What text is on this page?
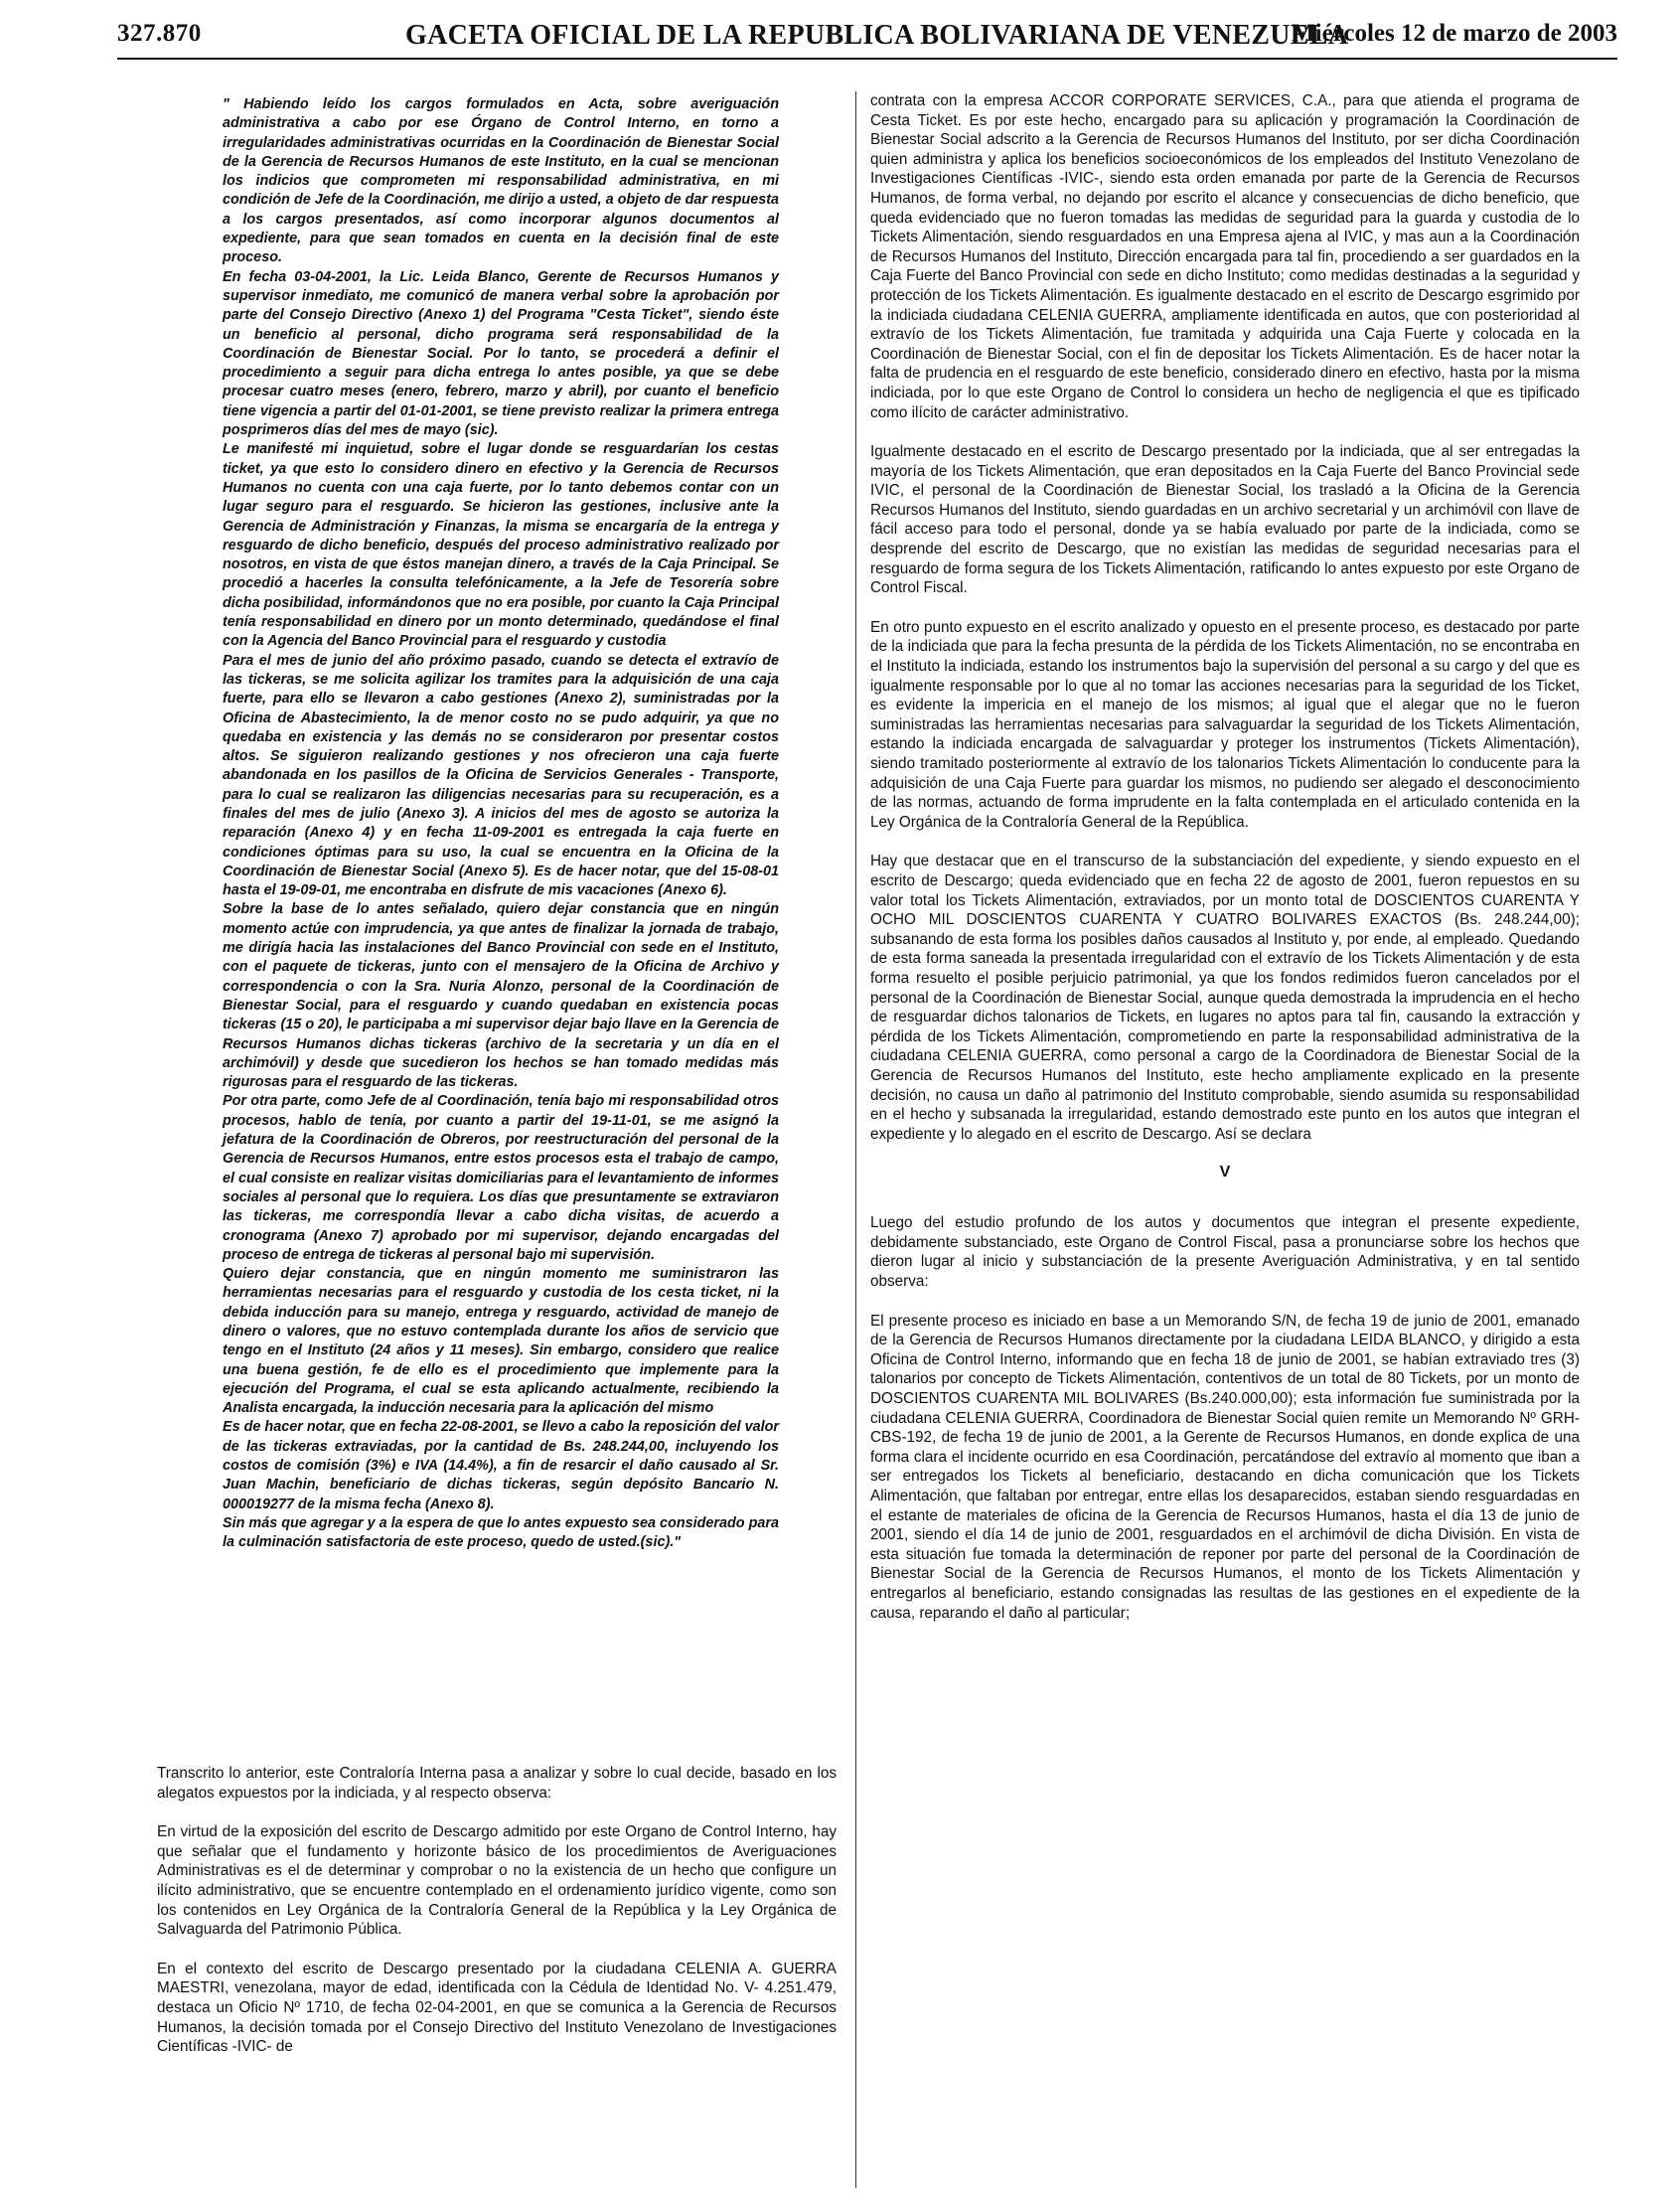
327.870	GACETA OFICIAL DE LA REPUBLICA BOLIVARIANA DE VENEZUELA
Miércoles 12 de marzo de 2003

" Habiendo leído los cargos formulados en Acta, sobre averiguación administrativa a cabo por ese Órgano de Control Interno, en torno a irregularidades administrativas ocurridas en la Coordinación de Bienestar Social de la Gerencia de Recursos Humanos de este Instituto, en la cual se mencionan los indicios que comprometen mi responsabilidad administrativa, en mi condición de Jefe de la Coordinación, me dirijo a usted, a objeto de dar respuesta a los cargos presentados, así como incorporar algunos documentos al expediente, para que sean tomados en cuenta en la decisión final de este proceso.

En fecha 03-04-2001, la Lic. Leida Blanco, Gerente de Recursos Humanos y supervisor inmediato, me comunicó de manera verbal sobre la aprobación por parte del Consejo Directivo (Anexo 1) del Programa "Cesta Ticket", siendo éste un beneficio al personal, dicho programa será responsabilidad de la Coordinación de Bienestar Social. Por lo tanto, se procederá a definir el procedimiento a seguir para dicha entrega lo antes posible, ya que se debe procesar cuatro meses (enero, febrero, marzo y abril), por cuanto el beneficio tiene vigencia a partir del 01-01-2001, se tiene previsto realizar la primera entrega posprimeros días del mes de mayo (sic).

Le manifesté mi inquietud, sobre el lugar donde se resguardarían los cestas ticket, ya que esto lo considero dinero en efectivo y la Gerencia de Recursos Humanos no cuenta con una caja fuerte, por lo tanto debemos contar con un lugar seguro para el resguardo. Se hicieron las gestiones, inclusive ante la Gerencia de Administración y Finanzas, la misma se encargaría de la entrega y resguardo de dicho beneficio, después del proceso administrativo realizado por nosotros, en vista de que éstos manejan dinero, a través de la Caja Principal. Se procedió a hacerles la consulta telefónicamente, a la Jefe de Tesorería sobre dicha posibilidad, informándonos que no era posible, por cuanto la Caja Principal tenía responsabilidad en dinero por un monto determinado, quedándose el final con la Agencia del Banco Provincial para el resguardo y custodia

Para el mes de junio del año próximo pasado, cuando se detecta el extravío de las tickeras, se me solicita agilizar los tramites para la adquisición de una caja fuerte, para ello se llevaron a cabo gestiones (Anexo 2), suministradas por la Oficina de Abastecimiento, la de menor costo no se pudo adquirir, ya que no quedaba en existencia y las demás no se consideraron por presentar costos altos. Se siguieron realizando gestiones y nos ofrecieron una caja fuerte abandonada en los pasillos de la Oficina de Servicios Generales - Transporte, para lo cual se realizaron las diligencias necesarias para su recuperación, es a finales del mes de julio (Anexo 3). A inicios del mes de agosto se autoriza la reparación (Anexo 4) y en fecha 11-09-2001 es entregada la caja fuerte en condiciones óptimas para su uso, la cual se encuentra en la Oficina de la Coordinación de Bienestar Social (Anexo 5). Es de hacer notar, que del 15-08-01 hasta el 19-09-01, me encontraba en disfrute de mis vacaciones (Anexo 6).

Sobre la base de lo antes señalado, quiero dejar constancia que en ningún momento actúe con imprudencia, ya que antes de finalizar la jornada de trabajo, me dirigía hacia las instalaciones del Banco Provincial con sede en el Instituto, con el paquete de tickeras, junto con el mensajero de la Oficina de Archivo y correspondencia o con la Sra. Nuria Alonzo, personal de la Coordinación de Bienestar Social, para el resguardo y cuando quedaban en existencia pocas tickeras (15 o 20), le participaba a mi supervisor dejar bajo llave en la Gerencia de Recursos Humanos dichas tickeras (archivo de la secretaria y un día en el archimóvil) y desde que sucedieron los hechos se han tomado medidas más rigurosas para el resguardo de las tickeras.

Por otra parte, como Jefe de al Coordinación, tenía bajo mi responsabilidad otros procesos, hablo de tenía, por cuanto a partir del 19-11-01, se me asignó la jefatura de la Coordinación de Obreros, por reestructuración del personal de la Gerencia de Recursos Humanos, entre estos procesos esta el trabajo de campo, el cual consiste en realizar visitas domiciliarias para el levantamiento de informes sociales al personal que lo requiera. Los días que presuntamente se extraviaron las tickeras, me correspondía llevar a cabo dicha visitas, de acuerdo a cronograma (Anexo 7) aprobado por mi supervisor, dejando encargadas del proceso de entrega de tickeras al personal bajo mi supervisión.

Quiero dejar constancia, que en ningún momento me suministraron las herramientas necesarias para el resguardo y custodia de los cesta ticket, ni la debida inducción para su manejo, entrega y resguardo, actividad de manejo de dinero o valores, que no estuvo contemplada durante los años de servicio que tengo en el Instituto (24 años y 11 meses). Sin embargo, considero que realice una buena gestión, fe de ello es el procedimiento que implemente para la ejecución del Programa, el cual se esta aplicando actualmente, recibiendo la Analista encargada, la inducción necesaria para la aplicación del mismo

Es de hacer notar, que en fecha 22-08-2001, se llevo a cabo la reposición del valor de las tickeras extraviadas, por la cantidad de Bs. 248.244,00, incluyendo los costos de comisión (3%) e IVA (14.4%), a fin de resarcir el daño causado al Sr. Juan Machin, beneficiario de dichas tickeras, según depósito Bancario N. 000019277 de la misma fecha (Anexo 8).

Sin más que agregar y a la espera de que lo antes expuesto sea considerado para la culminación satisfactoria de este proceso, quedo de usted.(sic)."

Transcrito lo anterior, este Contraloría Interna pasa a analizar y sobre lo cual decide, basado en los alegatos expuestos por la indiciada, y al respecto observa:

En virtud de la exposición del escrito de Descargo admitido por este Organo de Control Interno, hay que señalar que el fundamento y horizonte básico de los procedimientos de Averiguaciones Administrativas es el de determinar y comprobar o no la existencia de un hecho que configure un ilícito administrativo, que se encuentre contemplado en el ordenamiento jurídico vigente, como son los contenidos en Ley Orgánica de la Contraloría General de la República y la Ley Orgánica de Salvaguarda del Patrimonio Pública.

En el contexto del escrito de Descargo presentado por la ciudadana CELENIA A. GUERRA MAESTRI, venezolana, mayor de edad, identificada con la Cédula de Identidad No. V- 4.251.479, destaca un Oficio Nº 1710, de fecha 02-04-2001, en que se comunica a la Gerencia de Recursos Humanos, la decisión tomada por el Consejo Directivo del Instituto Venezolano de Investigaciones Científicas -IVIC- de

contrata con la empresa ACCOR CORPORATE SERVICES, C.A., para que atienda el programa de Cesta Ticket. Es por este hecho, encargado para su aplicación y programación la Coordinación de Bienestar Social adscrito a la Gerencia de Recursos Humanos del Instituto, por ser dicha Coordinación quien administra y aplica los beneficios socioeconómicos de los empleados del Instituto Venezolano de Investigaciones Científicas -IVIC-, siendo esta orden emanada por parte de la Gerencia de Recursos Humanos, de forma verbal, no dejando por escrito el alcance y consecuencias de dicho beneficio, que queda evidenciado que no fueron tomadas las medidas de seguridad para la guarda y custodia de lo Tickets Alimentación, siendo resguardados en una Empresa ajena al IVIC, y mas aun a la Coordinación de Recursos Humanos del Instituto, Dirección encargada para tal fin, procediendo a ser guardados en la Caja Fuerte del Banco Provincial con sede en dicho Instituto; como medidas destinadas a la seguridad y protección de los Tickets Alimentación. Es igualmente destacado en el escrito de Descargo esgrimido por la indiciada ciudadana CELENIA GUERRA, ampliamente identificada en autos, que con posterioridad al extravío de los Tickets Alimentación, fue tramitada y adquirida una Caja Fuerte y colocada en la Coordinación de Bienestar Social, con el fin de depositar los Tickets Alimentación. Es de hacer notar la falta de prudencia en el resguardo de este beneficio, considerado dinero en efectivo, hasta por la misma indiciada, por lo que este Organo de Control lo considera un hecho de negligencia el que es tipificado como ilícito de carácter administrativo.

Igualmente destacado en el escrito de Descargo presentado por la indiciada, que al ser entregadas la mayoría de los Tickets Alimentación, que eran depositados en la Caja Fuerte del Banco Provincial sede IVIC, el personal de la Coordinación de Bienestar Social, los trasladó a la Oficina de la Gerencia Recursos Humanos del Instituto, siendo guardadas en un archivo secretarial y un archimóvil con llave de fácil acceso para todo el personal, donde ya se había evaluado por parte de la indiciada, como se desprende del escrito de Descargo, que no existían las medidas de seguridad necesarias para el resguardo de forma segura de los Tickets Alimentación, ratificando lo antes expuesto por este Organo de Control Fiscal.

En otro punto expuesto en el escrito analizado y opuesto en el presente proceso, es destacado por parte de la indiciada que para la fecha presunta de la pérdida de los Tickets Alimentación, no se encontraba en el Instituto la indiciada, estando los instrumentos bajo la supervisión del personal a su cargo y del que es igualmente responsable por lo que al no tomar las acciones necesarias para la seguridad de los Ticket, es evidente la impericia en el manejo de los mismos; al igual que el alegar que no le fueron suministradas las herramientas necesarias para salvaguardar la seguridad de los Tickets Alimentación, estando la indiciada encargada de salvaguardar y proteger los instrumentos (Tickets Alimentación), siendo tramitado posteriormente al extravío de los talonarios Tickets Alimentación lo conducente para la adquisición de una Caja Fuerte para guardar los mismos, no pudiendo ser alegado el desconocimiento de las normas, actuando de forma imprudente en la falta contemplada en el articulado contenida en la Ley Orgánica de la Contraloría General de la República.

Hay que destacar que en el transcurso de la substanciación del expediente, y siendo expuesto en el escrito de Descargo; queda evidenciado que en fecha 22 de agosto de 2001, fueron repuestos en su valor total los Tickets Alimentación, extraviados, por un monto total de DOSCIENTOS CUARENTA Y OCHO MIL DOSCIENTOS CUARENTA Y CUATRO BOLIVARES EXACTOS (Bs. 248.244,00); subsanando de esta forma los posibles daños causados al Instituto y, por ende, al empleado. Quedando de esta forma saneada la presentada irregularidad con el extravío de los Tickets Alimentación y de esta forma resuelto el posible perjuicio patrimonial, ya que los fondos redimidos fueron cancelados por el personal de la Coordinación de Bienestar Social, aunque queda demostrada la imprudencia en el hecho de resguardar dichos talonarios de Tickets, en lugares no aptos para tal fin, causando la extracción y pérdida de los Tickets Alimentación, comprometiendo en parte la responsabilidad administrativa de la ciudadana CELENIA GUERRA, como personal a cargo de la Coordinadora de Bienestar Social de la Gerencia de Recursos Humanos del Instituto, este hecho ampliamente explicado en la presente decisión, no causa un daño al patrimonio del Instituto comprobable, siendo asumida su responsabilidad en el hecho y subsanada la irregularidad, estando demostrado este punto en los autos que integran el expediente y lo alegado en el escrito de Descargo. Así se declara

V

Luego del estudio profundo de los autos y documentos que integran el presente expediente, debidamente substanciado, este Organo de Control Fiscal, pasa a pronunciarse sobre los hechos que dieron lugar al inicio y substanciación de la presente Averiguación Administrativa, y en tal sentido observa:

El presente proceso es iniciado en base a un Memorando S/N, de fecha 19 de junio de 2001, emanado de la Gerencia de Recursos Humanos directamente por la ciudadana LEIDA BLANCO, y dirigido a esta Oficina de Control Interno, informando que en fecha 18 de junio de 2001, se habían extraviado tres (3) talonarios por concepto de Tickets Alimentación, contentivos de un total de 80 Tickets, por un monto de DOSCIENTOS CUARENTA MIL BOLIVARES (Bs.240.000,00); esta información fue suministrada por la ciudadana CELENIA GUERRA, Coordinadora de Bienestar Social quien remite un Memorando Nº GRH-CBS-192, de fecha 19 de junio de 2001, a la Gerente de Recursos Humanos, en donde explica de una forma clara el incidente ocurrido en esa Coordinación, percatándose del extravío al momento que iban a ser entregados los Tickets al beneficiario, destacando en dicha comunicación que los Tickets Alimentación, que faltaban por entregar, entre ellas los desaparecidos, estaban siendo resguardadas en el estante de materiales de oficina de la Gerencia de Recursos Humanos, hasta el día 13 de junio de 2001, siendo el día 14 de junio de 2001, resguardados en el archimóvil de dicha División. En vista de esta situación fue tomada la determinación de reponer por parte del personal de la Coordinación de Bienestar Social de la Gerencia de Recursos Humanos, el monto de los Tickets Alimentación y entregarlos al beneficiario, estando consignadas las resultas de las gestiones en el expediente de la causa, reparando el daño al particular;
